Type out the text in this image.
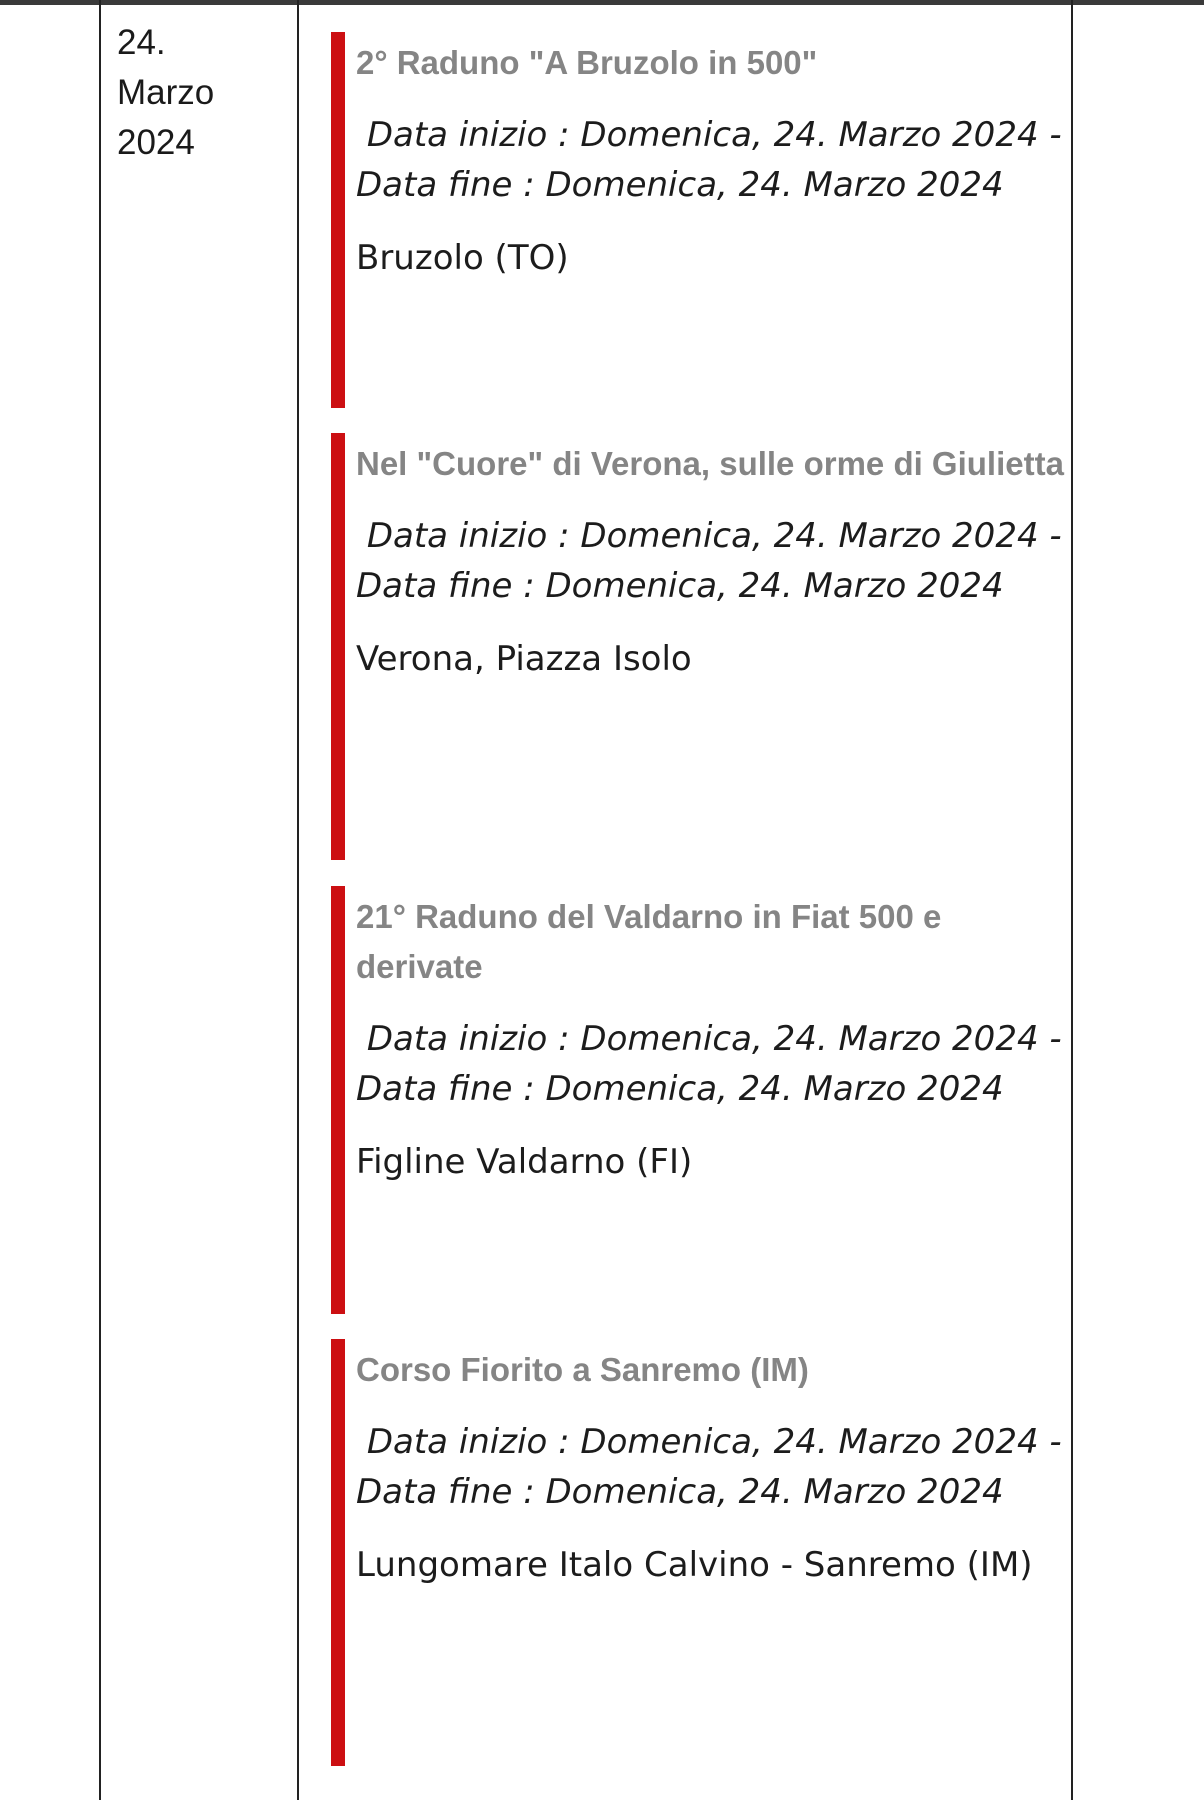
24.
Marzo
2024
2° Raduno "A Bruzolo in 500"
Data inizio : Domenica, 24. Marzo 2024 - Data fine : Domenica, 24. Marzo 2024
Bruzolo (TO)
Nel "Cuore" di Verona, sulle orme di Giulietta
Data inizio : Domenica, 24. Marzo 2024 - Data fine : Domenica, 24. Marzo 2024
Verona, Piazza Isolo
21° Raduno del Valdarno in Fiat 500 e derivate
Data inizio : Domenica, 24. Marzo 2024 - Data fine : Domenica, 24. Marzo 2024
Figline Valdarno (FI)
Corso Fiorito a Sanremo (IM)
Data inizio : Domenica, 24. Marzo 2024 - Data fine : Domenica, 24. Marzo 2024
Lungomare Italo Calvino - Sanremo (IM)
